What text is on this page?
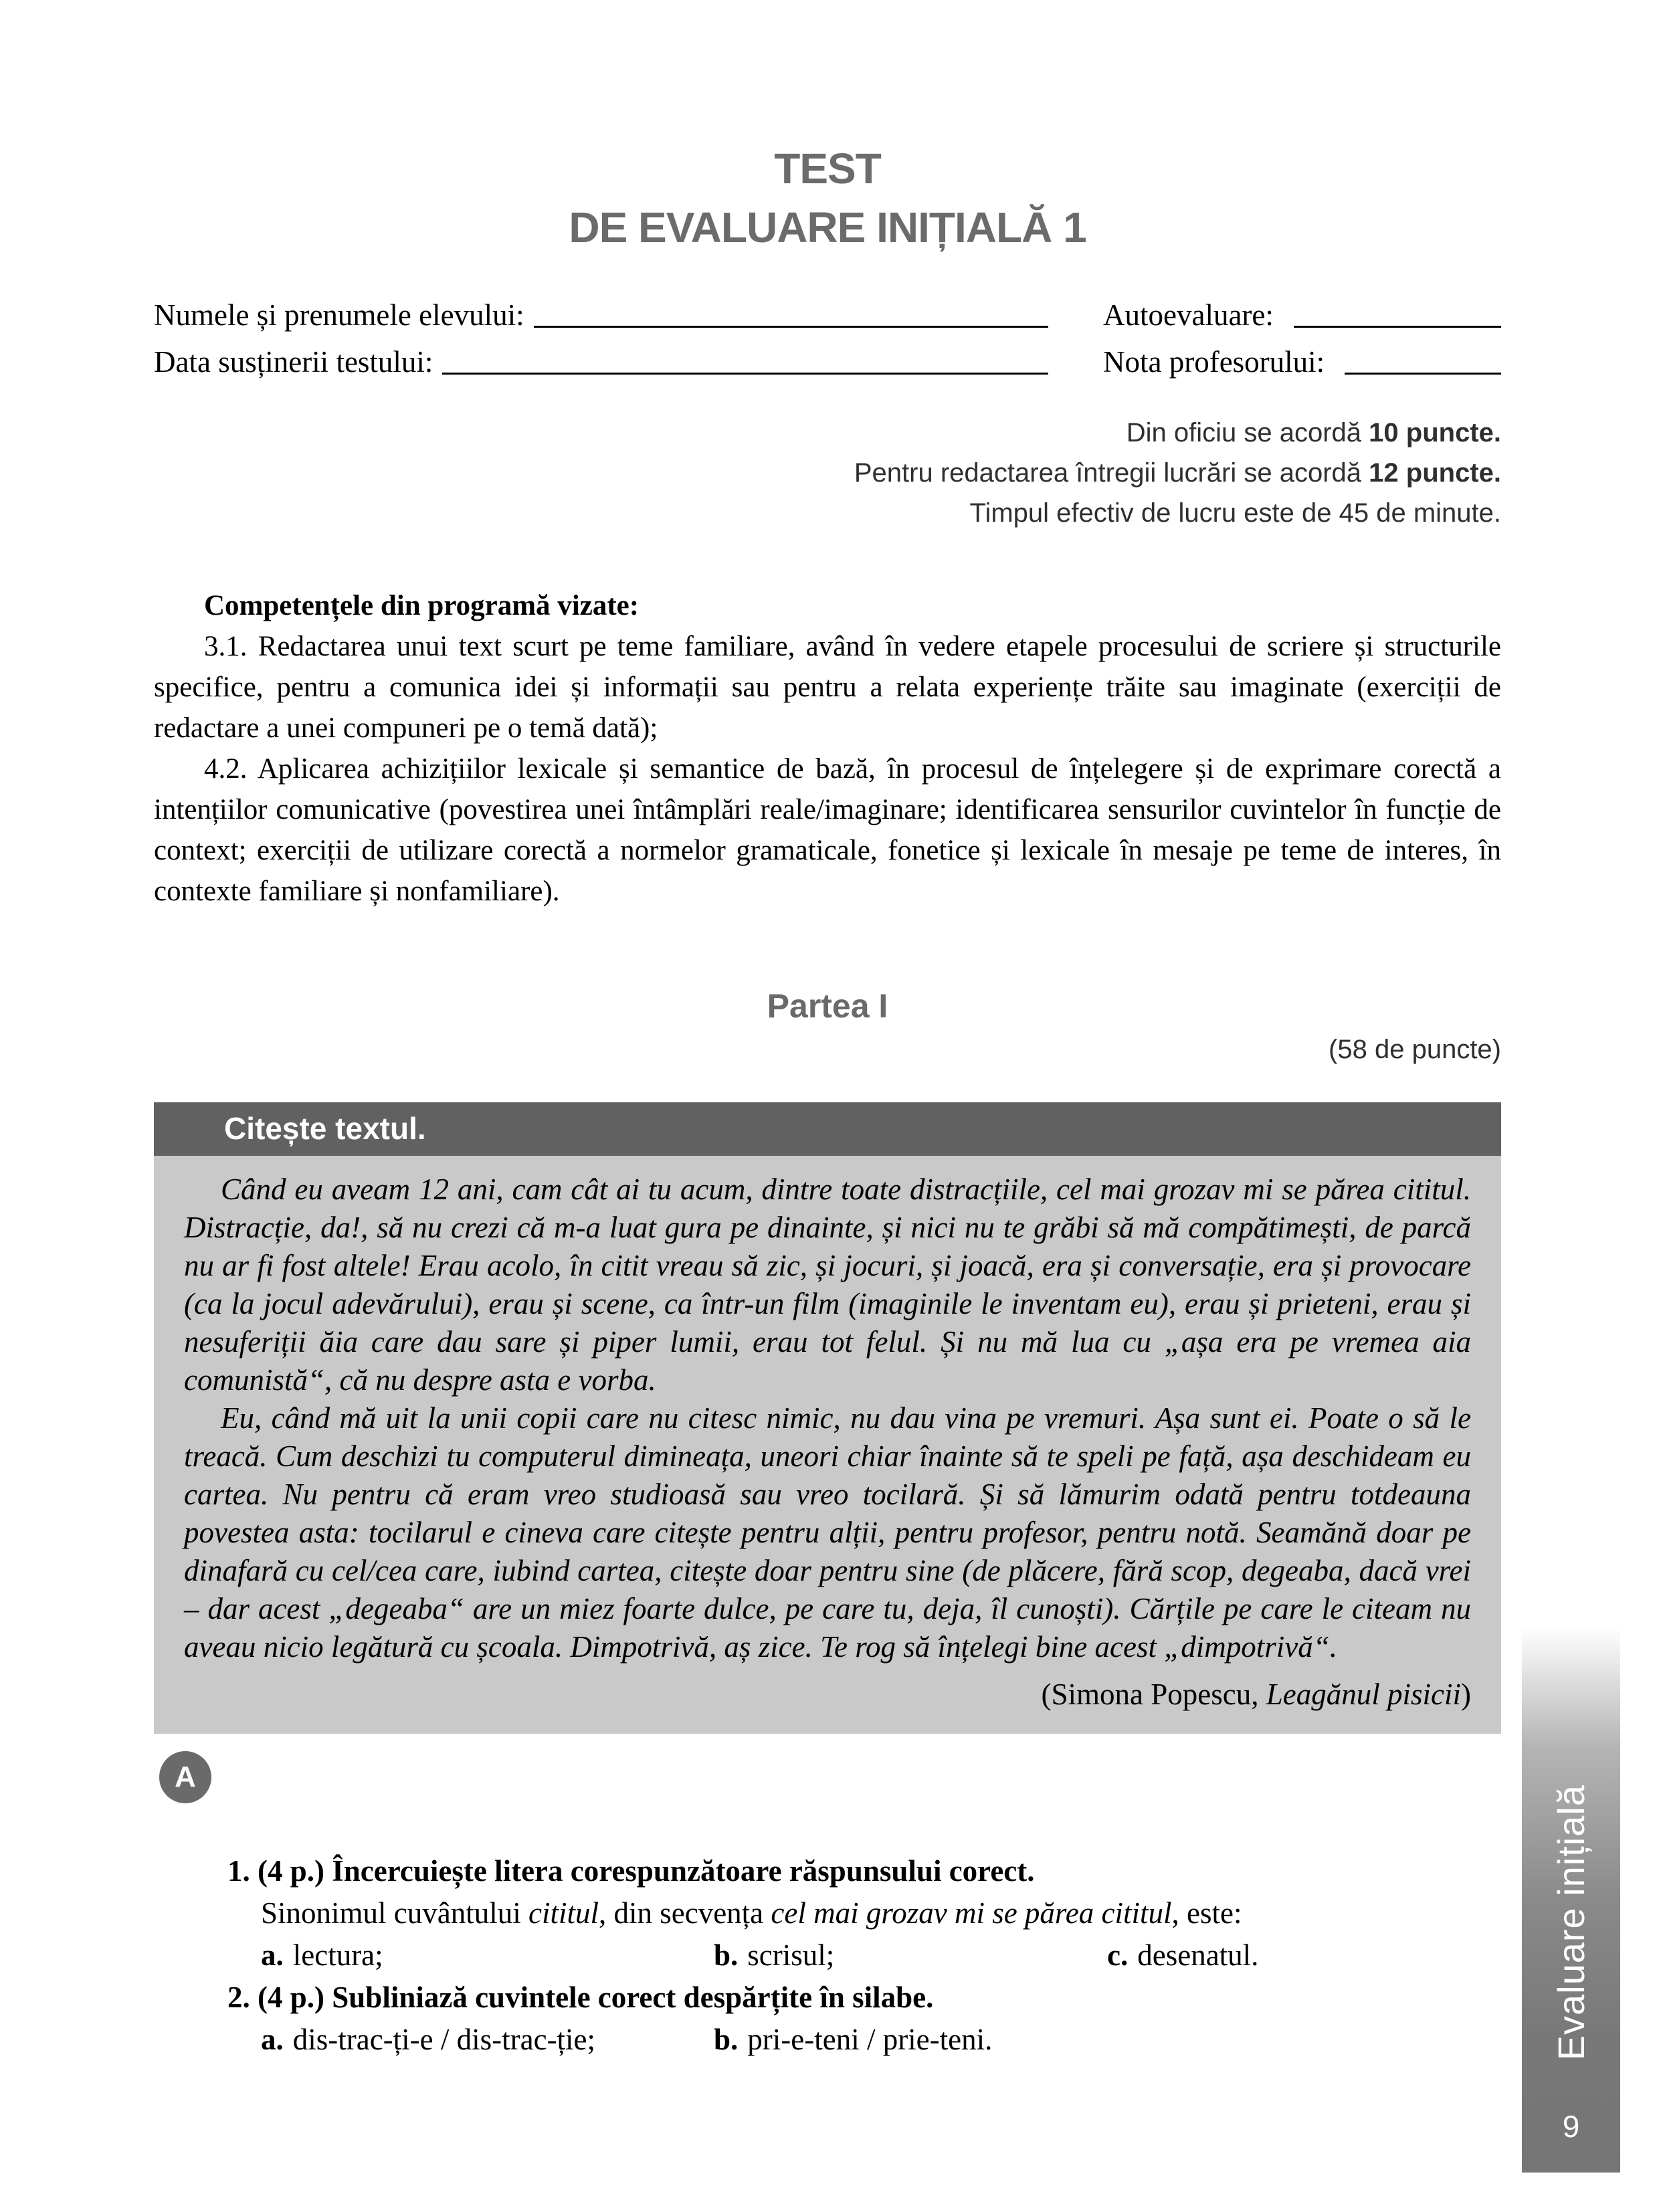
TEST
DE EVALUARE INIȚIALĂ 1
Numele și prenumele elevului:	Autoevaluare:
Data susținerii testului:	Nota profesorului:

Din oficiu se acordă 10 puncte.

Pentru redactarea întregii lucrări se acordă 12 puncte.

Timpul efectiv de lucru este de 45 de minute.

Competențele din programă vizate:

3.1. Redactarea unui text scurt pe teme familiare, având în vedere etapele procesului de scriere și structurile specifice, pentru a comunica idei și informații sau pentru a relata experiențe trăite sau imaginate (exerciții de redactare a unei compuneri pe o temă dată);

4.2. Aplicarea achizițiilor lexicale și semantice de bază, în procesul de înțelegere și de exprimare corectă a intențiilor comunicative (povestirea unei întâmplări reale/imaginare; identificarea sensurilor cuvintelor în funcție de context; exerciții de utilizare corectă a normelor gramaticale, fonetice și lexicale în mesaje pe teme de interes, în contexte familiare și nonfamiliare).

Partea I

(58 de puncte)

Citește textul.

Când eu aveam 12 ani, cam cât ai tu acum, dintre toate distracțiile, cel mai grozav mi se părea cititul. Distracție, da!, să nu crezi că m-a luat gura pe dinainte, și nici nu te grăbi să mă compătimești, de parcă nu ar fi fost altele! Erau acolo, în citit vreau să zic, și jocuri, și joacă, era și conversație, era și provocare (ca la jocul adevărului), erau și scene, ca într-un film (imaginile le inventam eu), erau și prieteni, erau și nesuferiții ăia care dau sare și piper lumii, erau tot felul. Și nu mă lua cu „așa era pe vremea aia comunistă“, că nu despre asta e vorba.

Eu, când mă uit la unii copii care nu citesc nimic, nu dau vina pe vremuri. Așa sunt ei. Poate o să le treacă. Cum deschizi tu computerul dimineața, uneori chiar înainte să te speli pe față, așa deschideam eu cartea. Nu pentru că eram vreo studioasă sau vreo tocilară. Și să lămurim odată pentru totdeauna povestea asta: tocilarul e cineva care citește pentru alții, pentru profesor, pentru notă. Seamănă doar pe dinafară cu cel/cea care, iubind cartea, citește doar pentru sine (de plăcere, fără scop, degeaba, dacă vrei – dar acest „degeaba“ are un miez foarte dulce, pe care tu, deja, îl cunoști). Cărțile pe care le citeam nu aveau nicio legătură cu școala. Dimpotrivă, aș zice. Te rog să înțelegi bine acest „dimpotrivă“.

(Simona Popescu, Leagănul pisicii)

A

1. (4 p.) Încercuiește litera corespunzătoare răspunsului corect.

Sinonimul cuvântului cititul, din secvența cel mai grozav mi se părea cititul, este:

a. lectura;	b. scrisul;	c. desenatul.

2. (4 p.) Subliniază cuvintele corect despărțite în silabe.

a. dis-trac-ți-e / dis-trac-ție;	b. pri-e-teni / prie-teni.	Evaluare inițială
9
